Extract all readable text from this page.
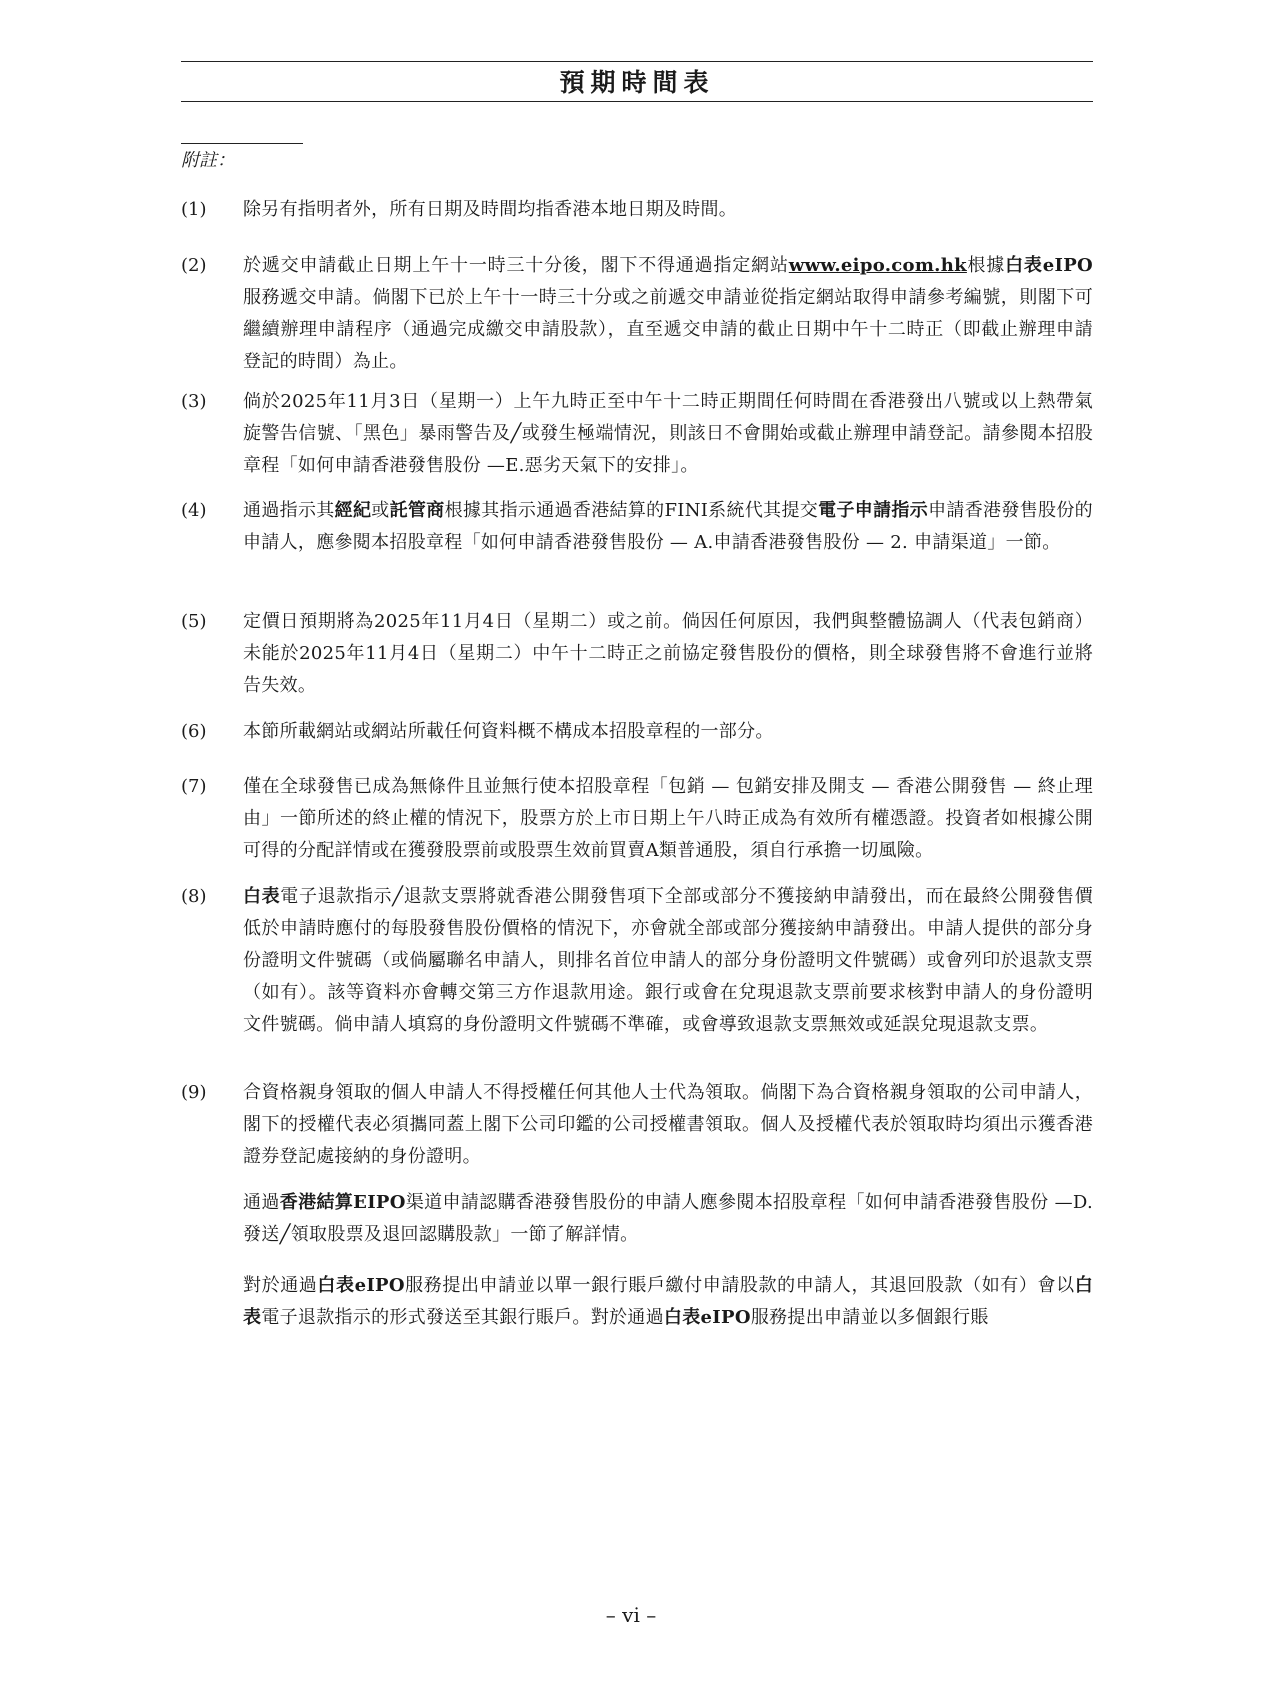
預期時間表
附註：
(1) 除另有指明者外，所有日期及時間均指香港本地日期及時間。
(2) 於遞交申請截止日期上午十一時三十分後，閣下不得通過指定網站www.eipo.com.hk根據白表eIPO服務遞交申請。倘閣下已於上午十一時三十分或之前遞交申請並從指定網站取得申請參考編號，則閣下可繼續辦理申請程序（通過完成繳交申請股款），直至遞交申請的截止日期中午十二時正（即截止辦理申請登記的時間）為止。
(3) 倘於2025年11月3日（星期一）上午九時正至中午十二時正期間任何時間在香港發出八號或以上熱帶氣旋警告信號、「黑色」暴雨警告及╱或發生極端情況，則該日不會開始或截止辦理申請登記。請參閱本招股章程「如何申請香港發售股份 —E.惡劣天氣下的安排」。
(4) 通過指示其經紀或託管商根據其指示通過香港結算的FINI系統代其提交電子申請指示申請香港發售股份的申請人，應參閱本招股章程「如何申請香港發售股份 — A.申請香港發售股份 — 2. 申請渠道」一節。
(5) 定價日預期將為2025年11月4日（星期二）或之前。倘因任何原因，我們與整體協調人（代表包銷商）未能於2025年11月4日（星期二）中午十二時正之前協定發售股份的價格，則全球發售將不會進行並將告失效。
(6) 本節所載網站或網站所載任何資料概不構成本招股章程的一部分。
(7) 僅在全球發售已成為無條件且並無行使本招股章程「包銷 — 包銷安排及開支 — 香港公開發售 — 終止理由」一節所述的終止權的情況下，股票方於上市日期上午八時正成為有效所有權憑證。投資者如根據公開可得的分配詳情或在獲發股票前或股票生效前買賣A類普通股，須自行承擔一切風險。
(8) 白表電子退款指示╱退款支票將就香港公開發售項下全部或部分不獲接納申請發出，而在最終公開發售價低於申請時應付的每股發售股份價格的情況下，亦會就全部或部分獲接納申請發出。申請人提供的部分身份證明文件號碼（或倘屬聯名申請人，則排名首位申請人的部分身份證明文件號碼）或會列印於退款支票（如有）。該等資料亦會轉交第三方作退款用途。銀行或會在兌現退款支票前要求核對申請人的身份證明文件號碼。倘申請人填寫的身份證明文件號碼不準確，或會導致退款支票無效或延誤兌現退款支票。
(9) 合資格親身領取的個人申請人不得授權任何其他人士代為領取。倘閣下為合資格親身領取的公司申請人，閣下的授權代表必須攜同蓋上閣下公司印鑑的公司授權書領取。個人及授權代表於領取時均須出示獲香港證券登記處接納的身份證明。
通過香港結算EIPO渠道申請認購香港發售股份的申請人應參閱本招股章程「如何申請香港發售股份 —D. 發送╱領取股票及退回認購股款」一節了解詳情。
對於通過白表eIPO服務提出申請並以單一銀行賬戶繳付申請股款的申請人，其退回股款（如有）會以白表電子退款指示的形式發送至其銀行賬戶。對於通過白表eIPO服務提出申請並以多個銀行賬
– vi –
